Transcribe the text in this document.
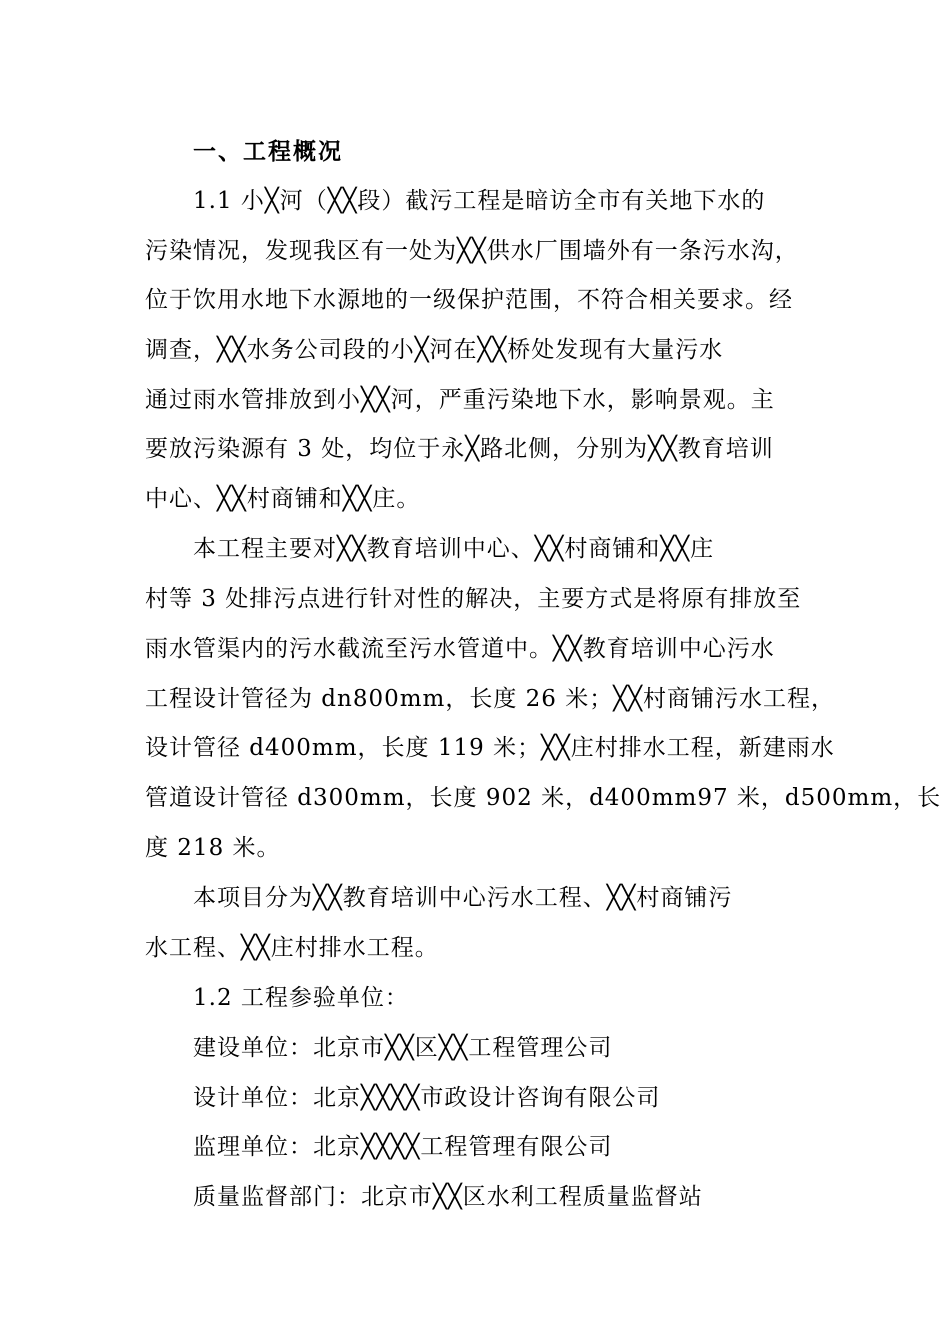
一、工程概况
1.1 小╳河（╳╳段）截污工程是暗访全市有关地下水的
污染情况，发现我区有一处为╳╳供水厂围墙外有一条污水沟，
位于饮用水地下水源地的一级保护范围，不符合相关要求。经
调查，╳╳水务公司段的小╳河在╳╳桥处发现有大量污水
通过雨水管排放到小╳╳河，严重污染地下水，影响景观。主
要放污染源有 3 处，均位于永╳路北侧，分别为╳╳教育培训
中心、╳╳村商铺和╳╳庄。
本工程主要对╳╳教育培训中心、╳╳村商铺和╳╳庄
村等 3 处排污点进行针对性的解决，主要方式是将原有排放至
雨水管渠内的污水截流至污水管道中。╳╳教育培训中心污水
工程设计管径为 dn800mm，长度 26 米；╳╳村商铺污水工程，
设计管径 d400mm，长度 119 米；╳╳庄村排水工程，新建雨水
管道设计管径 d300mm，长度 902 米，d400mm97 米，d500mm，长
度 218 米。
本项目分为╳╳教育培训中心污水工程、╳╳村商铺污
水工程、╳╳庄村排水工程。
1.2 工程参验单位：
建设单位：北京市╳╳区╳╳工程管理公司
设计单位：北京╳╳╳╳市政设计咨询有限公司
监理单位：北京╳╳╳╳工程管理有限公司
质量监督部门：北京市╳╳区水利工程质量监督站
